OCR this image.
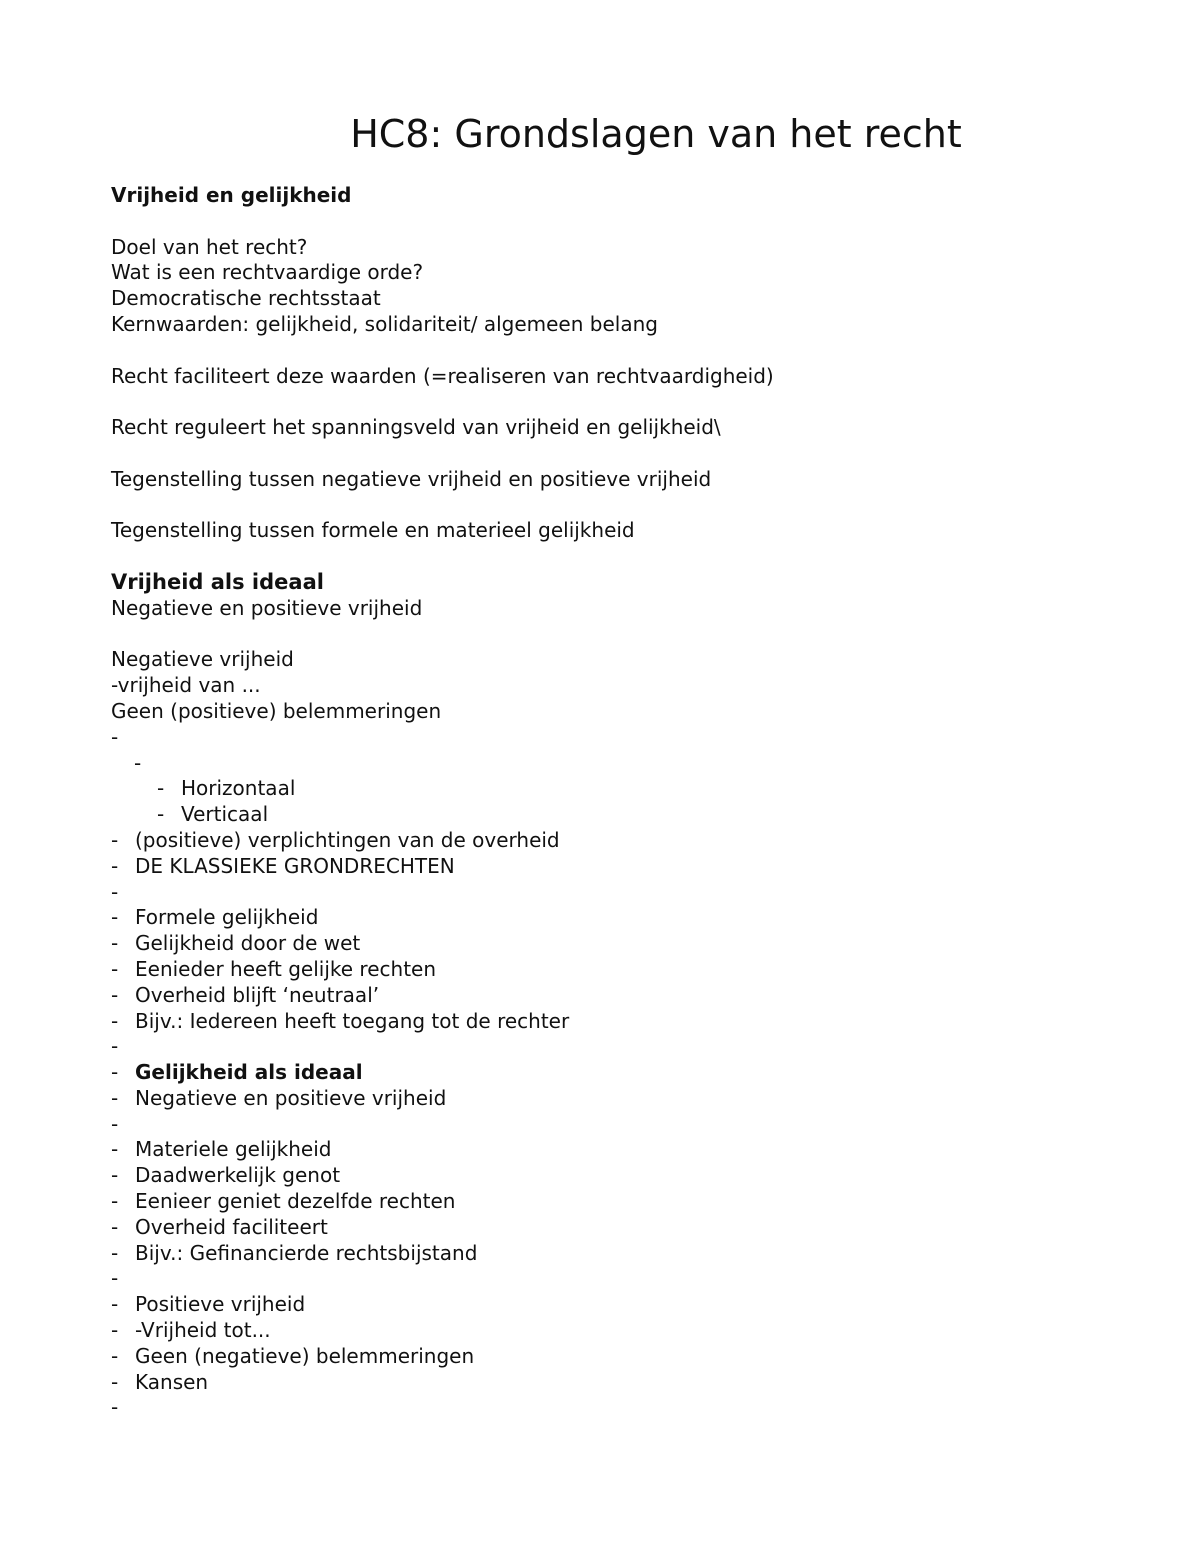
HC8: Grondslagen van het recht
Vrijheid en gelijkheid
Doel van het recht?
Wat is een rechtvaardige orde?
Democratische rechtsstaat
Kernwaarden: gelijkheid, solidariteit/ algemeen belang
Recht faciliteert deze waarden (=realiseren van rechtvaardigheid)
Recht reguleert het spanningsveld van vrijheid en gelijkheid\
Tegenstelling tussen negatieve vrijheid en positieve vrijheid
Tegenstelling tussen formele en materieel gelijkheid
Vrijheid als ideaal
Negatieve en positieve vrijheid
Negatieve vrijheid
-vrijheid van ...
Geen (positieve) belemmeringen
-
-
- Horizontaal
- Verticaal
- (positieve) verplichtingen van de overheid
- DE KLASSIEKE GRONDRECHTEN
-
- Formele gelijkheid
- Gelijkheid door de wet
- Eenieder heeft gelijke rechten
- Overheid blijft ‘neutraal’
- Bijv.: Iedereen heeft toegang tot de rechter
-
- Gelijkheid als ideaal
- Negatieve en positieve vrijheid
-
- Materiele gelijkheid
- Daadwerkelijk genot
- Eenieer geniet dezelfde rechten
- Overheid faciliteert
- Bijv.: Gefinancierde rechtsbijstand
-
- Positieve vrijheid
- -Vrijheid tot...
- Geen (negatieve) belemmeringen
- Kansen
-
